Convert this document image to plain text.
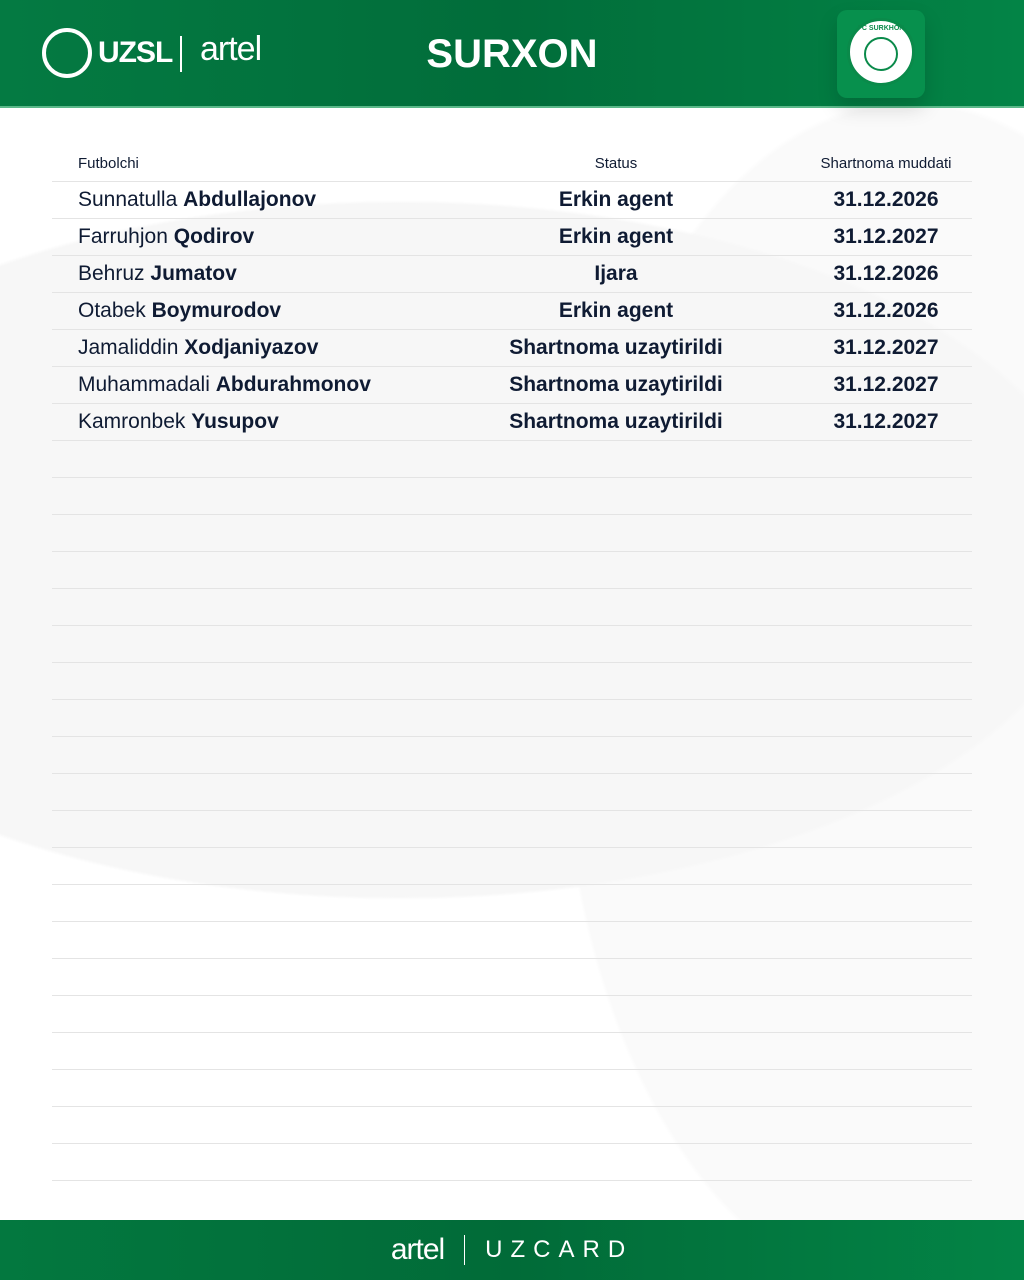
UZSL artel	SURXON
FC SURKHON
Futbolchi	Status	Shartnoma muddati
Sunnatulla Abdullajonov	Erkin agent	31.12.2026
Farruhjon Qodirov	Erkin agent	31.12.2027
Behruz Jumatov	Ijara	31.12.2026
Otabek Boymurodov	Erkin agent	31.12.2026
Jamaliddin Xodjaniyazov	Shartnoma uzaytirildi	31.12.2027
Muhammadali Abdurahmonov	Shartnoma uzaytirildi	31.12.2027
Kamronbek Yusupov	Shartnoma uzaytirildi	31.12.2027
artel UZCARD
